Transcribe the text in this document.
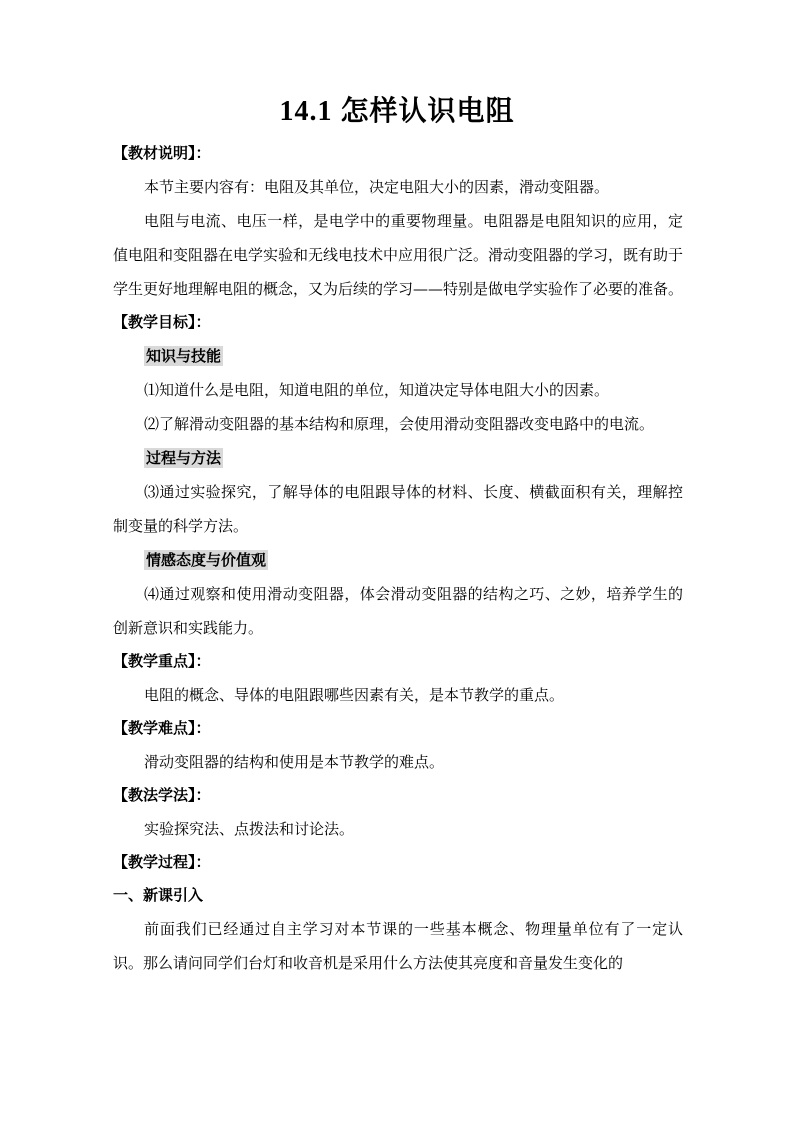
14.1 怎样认识电阻
【教材说明】：
本节主要内容有：电阻及其单位，决定电阻大小的因素，滑动变阻器。
电阻与电流、电压一样，是电学中的重要物理量。电阻器是电阻知识的应用，定值电阻和变阻器在电学实验和无线电技术中应用很广泛。滑动变阻器的学习，既有助于学生更好地理解电阻的概念，又为后续的学习——特别是做电学实验作了必要的准备。
【教学目标】：
知识与技能
⑴知道什么是电阻，知道电阻的单位，知道决定导体电阻大小的因素。
⑵了解滑动变阻器的基本结构和原理，会使用滑动变阻器改变电路中的电流。
过程与方法
⑶通过实验探究，了解导体的电阻跟导体的材料、长度、横截面积有关，理解控制变量的科学方法。
情感态度与价值观
⑷通过观察和使用滑动变阻器，体会滑动变阻器的结构之巧、之妙，培养学生的创新意识和实践能力。
【教学重点】：
电阻的概念、导体的电阻跟哪些因素有关，是本节教学的重点。
【教学难点】：
滑动变阻器的结构和使用是本节教学的难点。
【教法学法】：
实验探究法、点拨法和讨论法。
【教学过程】：
一、新课引入
前面我们已经通过自主学习对本节课的一些基本概念、物理量单位有了一定认识。那么请问同学们台灯和收音机是采用什么方法使其亮度和音量发生变化的
